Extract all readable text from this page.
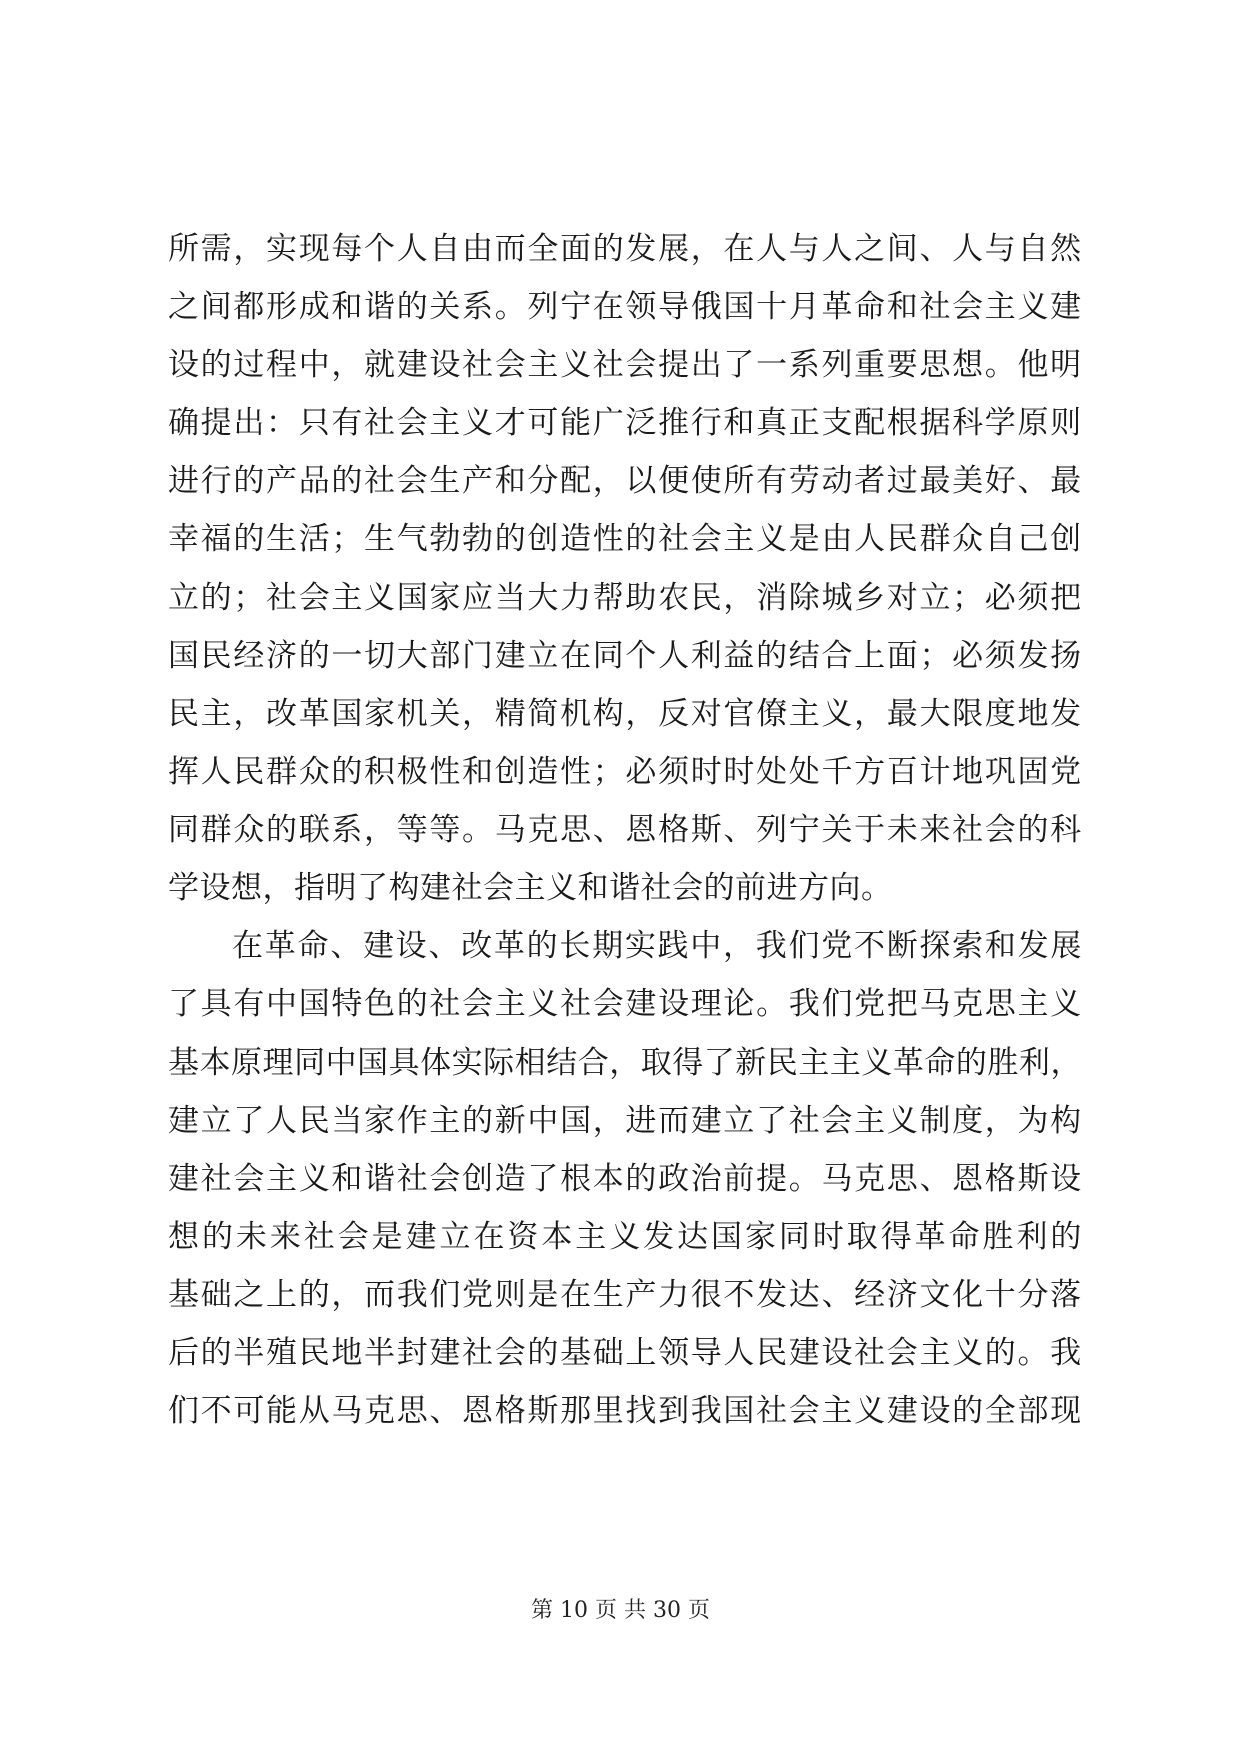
所 需 ， 实 现 每 个 人 自 由 而 全 面 的 发 展 ， 在 人 与 人 之 间 、 人 与 自 然
之 间 都 形 成 和 谐 的 关 系 。 列 宁 在 领 导 俄 国 十 月 革 命 和 社 会 主 义 建
设 的 过 程 中 ， 就 建 设 社 会 主 义 社 会 提 出 了 一 系 列 重 要 思 想 。 他 明
确 提 出 ： 只 有 社 会 主 义 才 可 能 广 泛 推 行 和 真 正 支 配 根 据 科 学 原 则
进 行 的 产 品 的 社 会 生 产 和 分 配 ， 以 便 使 所 有 劳 动 者 过 最 美 好 、 最
幸 福 的 生 活 ； 生 气 勃 勃 的 创 造 性 的 社 会 主 义 是 由 人 民 群 众 自 己 创
立 的 ； 社 会 主 义 国 家 应 当 大 力 帮 助 农 民 ， 消 除 城 乡 对 立 ； 必 须 把
国 民 经 济 的 一 切 大 部 门 建 立 在 同 个 人 利 益 的 结 合 上 面 ； 必 须 发 扬
民 主 ， 改 革 国 家 机 关 ， 精 简 机 构 ， 反 对 官 僚 主 义 ， 最 大 限 度 地 发
挥 人 民 群 众 的 积 极 性 和 创 造 性 ； 必 须 时 时 处 处 千 方 百 计 地 巩 固 党
同 群 众 的 联 系 ， 等 等 。 马 克 思 、 恩 格 斯 、 列 宁 关 于 未 来 社 会 的 科
学设想，指明了构建社会主义和谐社会的前进方向。
在 革 命 、 建 设 、 改 革 的 长 期 实 践 中 ， 我 们 党 不 断 探 索 和 发 展
了 具 有 中 国 特 色 的 社 会 主 义 社 会 建 设 理 论 。 我 们 党 把 马 克 思 主 义
基 本 原 理 同 中 国 具 体 实 际 相 结 合 ， 取 得 了 新 民 主 主 义 革 命 的 胜 利 ，
建 立 了 人 民 当 家 作 主 的 新 中 国 ， 进 而 建 立 了 社 会 主 义 制 度 ， 为 构
建 社 会 主 义 和 谐 社 会 创 造 了 根 本 的 政 治 前 提 。 马 克 思 、 恩 格 斯 设
想 的 未 来 社 会 是 建 立 在 资 本 主 义 发 达 国 家 同 时 取 得 革 命 胜 利 的
基 础 之 上 的 ， 而 我 们 党 则 是 在 生 产 力 很 不 发 达 、 经 济 文 化 十 分 落
后 的 半 殖 民 地 半 封 建 社 会 的 基 础 上 领 导 人 民 建 设 社 会 主 义 的 。 我
们 不 可 能 从 马 克 思 、 恩 格 斯 那 里 找 到 我 国 社 会 主 义 建 设 的 全 部 现
第 10 页 共 30 页
